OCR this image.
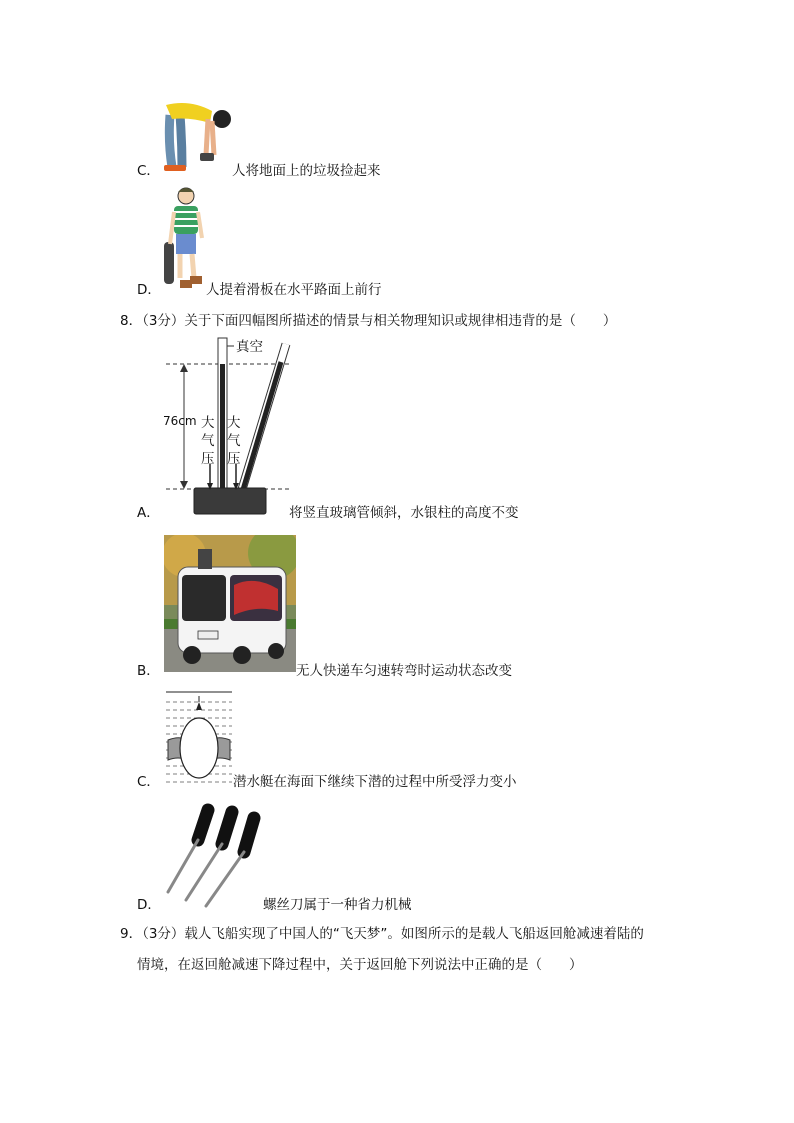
C．	人将地面上的垃圾捡起来
D．	人提着滑板在水平路面上前行
8．（3分）关于下面四幅图所描述的情景与相关物理知识或规律相违背的是（　　）
真空
76cm 大
气
压
大
气
压
A．	将竖直玻璃管倾斜，水银柱的高度不变
B．	无人快递车匀速转弯时运动状态改变
C．	潜水艇在海面下继续下潜的过程中所受浮力变小
D．	螺丝刀属于一种省力机械
9．（3分）载人飞船实现了中国人的“飞天梦”。如图所示的是载人飞船返回舱减速着陆的
情境，在返回舱减速下降过程中，关于返回舱下列说法中正确的是（　　）
